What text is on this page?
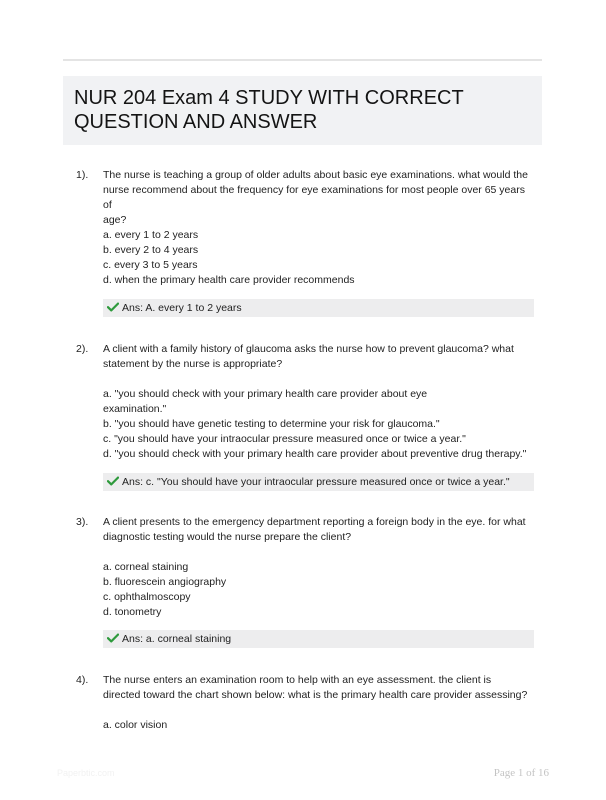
NUR 204 Exam 4 STUDY WITH CORRECT
QUESTION AND ANSWER
1). The nurse is teaching a group of older adults about basic eye examinations. what would the
nurse recommend about the frequency for eye examinations for most people over 65 years
of
age?
a. every 1 to 2 years
b. every 2 to 4 years
c. every 3 to 5 years
d. when the primary health care provider recommends
Ans: A. every 1 to 2 years
2). A client with a family history of glaucoma asks the nurse how to prevent glaucoma? what
statement by the nurse is appropriate?
a. "you should check with your primary health care provider about eye
examination."
b. "you should have genetic testing to determine your risk for glaucoma."
c. "you should have your intraocular pressure measured once or twice a year."
d. "you should check with your primary health care provider about preventive drug therapy."
Ans: c. "You should have your intraocular pressure measured once or twice a year."
3). A client presents to the emergency department reporting a foreign body in the eye. for what
diagnostic testing would the nurse prepare the client?
a. corneal staining
b. fluorescein angiography
c. ophthalmoscopy
d. tonometry
Ans: a. corneal staining
4). The nurse enters an examination room to help with an eye assessment. the client is
directed toward the chart shown below: what is the primary health care provider assessing?
a. color vision
Paperbtic.com	Page 1 of 16
